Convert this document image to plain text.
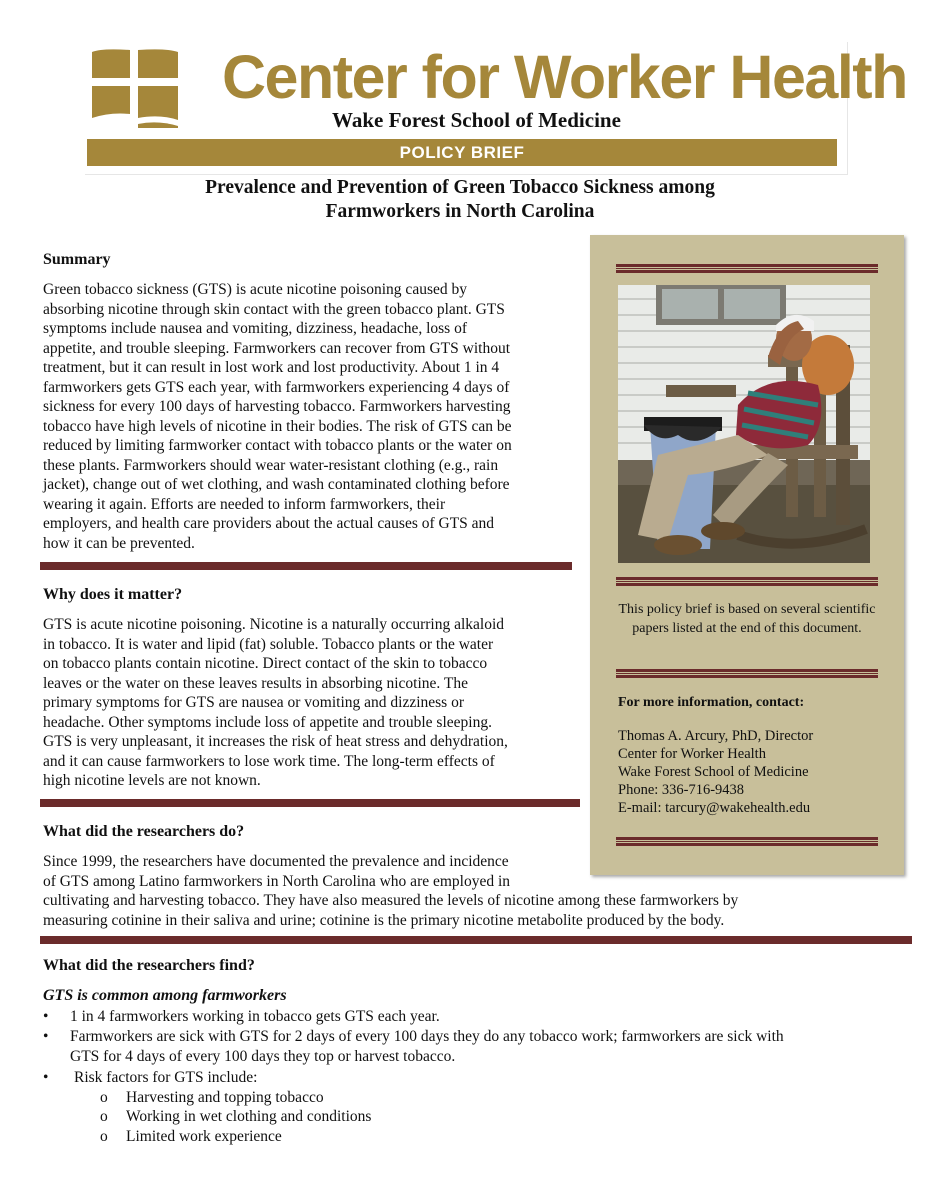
Center for Worker Health
Wake Forest School of Medicine
POLICY BRIEF
Prevalence and Prevention of Green Tobacco Sickness among
Farmworkers in North Carolina
Summary
Green tobacco sickness (GTS) is acute nicotine poisoning caused by
absorbing nicotine through skin contact with the green tobacco plant. GTS
symptoms include nausea and vomiting, dizziness, headache, loss of
appetite, and trouble sleeping. Farmworkers can recover from GTS without
treatment, but it can result in lost work and lost productivity. About 1 in 4
farmworkers gets GTS each year, with farmworkers experiencing 4 days of
sickness for every 100 days of harvesting tobacco. Farmworkers harvesting
tobacco have high levels of nicotine in their bodies. The risk of GTS can be
reduced by limiting farmworker contact with tobacco plants or the water on
these plants. Farmworkers should wear water-resistant clothing (e.g., rain
jacket), change out of wet clothing, and wash contaminated clothing before
wearing it again. Efforts are needed to inform farmworkers, their
employers, and health care providers about the actual causes of GTS and
how it can be prevented.
Why does it matter?
GTS is acute nicotine poisoning. Nicotine is a naturally occurring alkaloid
in tobacco. It is water and lipid (fat) soluble. Tobacco plants or the water
on tobacco plants contain nicotine. Direct contact of the skin to tobacco
leaves or the water on these leaves results in absorbing nicotine. The
primary symptoms for GTS are nausea or vomiting and dizziness or
headache. Other symptoms include loss of appetite and trouble sleeping.
GTS is very unpleasant, it increases the risk of heat stress and dehydration,
and it can cause farmworkers to lose work time. The long-term effects of
high nicotine levels are not known.
What did the researchers do?
Since 1999, the researchers have documented the prevalence and incidence
of GTS among Latino farmworkers in North Carolina who are employed in
cultivating and harvesting tobacco. They have also measured the levels of nicotine among these farmworkers by
measuring cotinine in their saliva and urine; cotinine is the primary nicotine metabolite produced by the body.
What did the researchers find?
GTS is common among farmworkers
• 1 in 4 farmworkers working in tobacco gets GTS each year.
• Farmworkers are sick with GTS for 2 days of every 100 days they do any tobacco work; farmworkers are sick with
GTS for 4 days of every 100 days they top or harvest tobacco.
• Risk factors for GTS include:
o Harvesting and topping tobacco
o Working in wet clothing and conditions
o Limited work experience
This policy brief is based on several scientific papers listed at the end of this document.
For more information, contact:
Thomas A. Arcury, PhD, Director
Center for Worker Health
Wake Forest School of Medicine
Phone: 336-716-9438
E-mail: tarcury@wakehealth.edu
